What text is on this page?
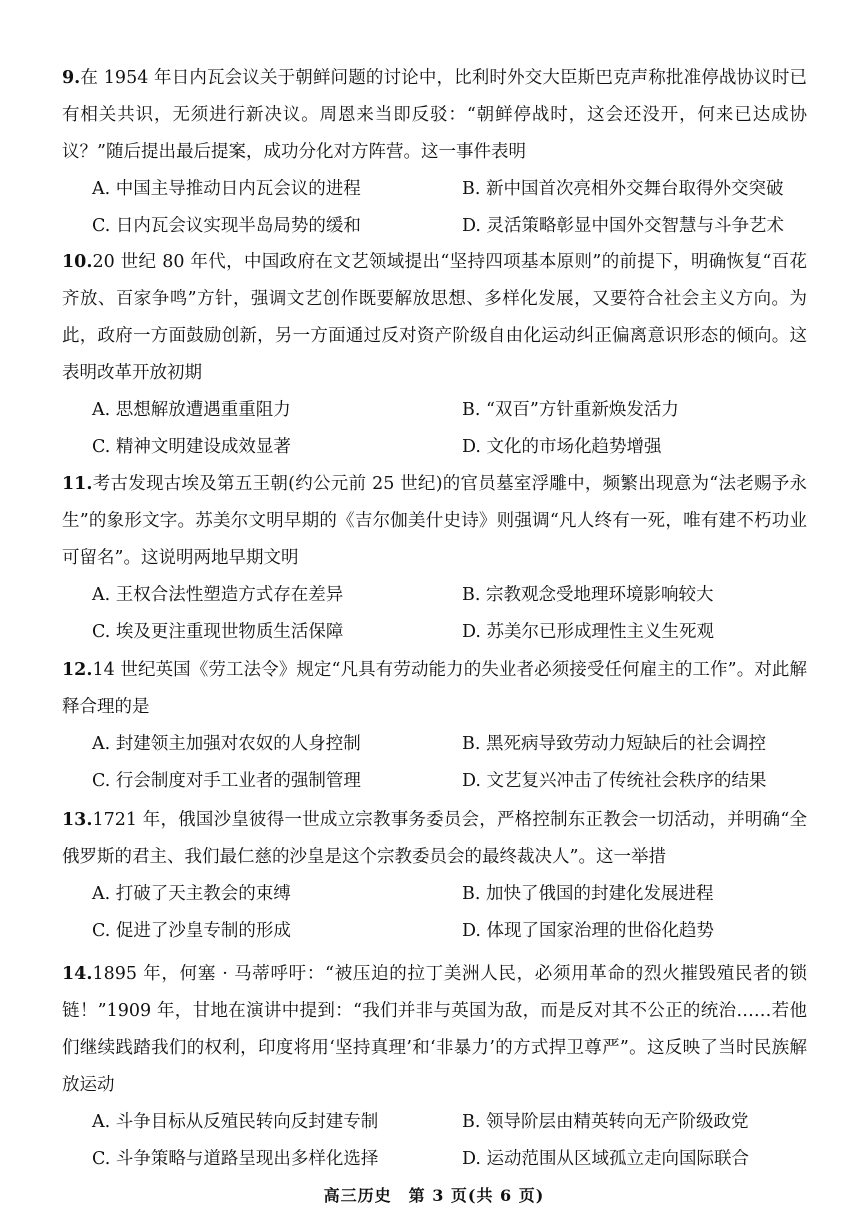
9.在 1954 年日内瓦会议关于朝鲜问题的讨论中，比利时外交大臣斯巴克声称批准停战协议时已有相关共识，无须进行新决议。周恩来当即反驳：“朝鲜停战时，这会还没开，何来已达成协议？”随后提出最后提案，成功分化对方阵营。这一事件表明

A. 中国主导推动日内瓦会议的进程	B. 新中国首次亮相外交舞台取得外交突破
C. 日内瓦会议实现半岛局势的缓和	D. 灵活策略彰显中国外交智慧与斗争艺术

10.20 世纪 80 年代，中国政府在文艺领域提出“坚持四项基本原则”的前提下，明确恢复“百花齐放、百家争鸣”方针，强调文艺创作既要解放思想、多样化发展，又要符合社会主义方向。为此，政府一方面鼓励创新，另一方面通过反对资产阶级自由化运动纠正偏离意识形态的倾向。这表明改革开放初期

A. 思想解放遭遇重重阻力	B. “双百”方针重新焕发活力
C. 精神文明建设成效显著	D. 文化的市场化趋势增强

11.考古发现古埃及第五王朝(约公元前 25 世纪)的官员墓室浮雕中，频繁出现意为“法老赐予永生”的象形文字。苏美尔文明早期的《吉尔伽美什史诗》则强调“凡人终有一死，唯有建不朽功业可留名”。这说明两地早期文明

A. 王权合法性塑造方式存在差异	B. 宗教观念受地理环境影响较大
C. 埃及更注重现世物质生活保障	D. 苏美尔已形成理性主义生死观

12.14 世纪英国《劳工法令》规定“凡具有劳动能力的失业者必须接受任何雇主的工作”。对此解释合理的是

A. 封建领主加强对农奴的人身控制	B. 黑死病导致劳动力短缺后的社会调控
C. 行会制度对手工业者的强制管理	D. 文艺复兴冲击了传统社会秩序的结果

13.1721 年，俄国沙皇彼得一世成立宗教事务委员会，严格控制东正教会一切活动，并明确“全俄罗斯的君主、我们最仁慈的沙皇是这个宗教委员会的最终裁决人”。这一举措

A. 打破了天主教会的束缚	B. 加快了俄国的封建化发展进程
C. 促进了沙皇专制的形成	D. 体现了国家治理的世俗化趋势

14.1895 年，何塞 · 马蒂呼吁：“被压迫的拉丁美洲人民，必须用革命的烈火摧毁殖民者的锁链！”1909 年，甘地在演讲中提到：“我们并非与英国为敌，而是反对其不公正的统治……若他们继续践踏我们的权利，印度将用‘坚持真理’和‘非暴力’的方式捍卫尊严”。这反映了当时民族解放运动

A. 斗争目标从反殖民转向反封建专制	B. 领导阶层由精英转向无产阶级政党
C. 斗争策略与道路呈现出多样化选择	D. 运动范围从区域孤立走向国际联合
高三历史　第 3 页(共 6 页)
